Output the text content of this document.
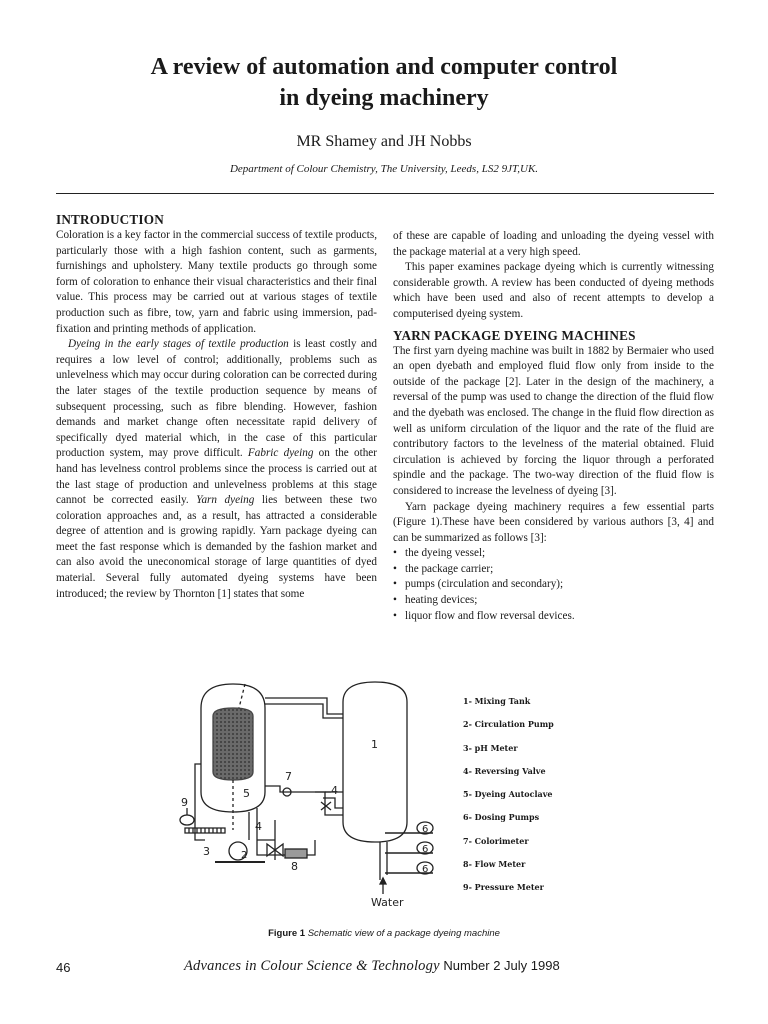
A review of automation and computer control
in dyeing machinery
MR Shamey and JH Nobbs
Department of Colour Chemistry, The University, Leeds, LS2 9JT,UK.
INTRODUCTION

Coloration is a key factor in the commercial success of textile products, particularly those with a high fashion content, such as garments, furnishings and upholstery. Many textile products go through some form of coloration to enhance their visual characteristics and their final value. This process may be carried out at various stages of textile production such as fibre, tow, yarn and fabric using immersion, pad-fixation and printing methods of application.

Dyeing in the early stages of textile production is least costly and requires a low level of control; additionally, problems such as unlevelness which may occur during coloration can be corrected during the later stages of the textile production sequence by means of subsequent processing, such as fibre blending. However, fashion demands and market change often necessitate rapid delivery of specifically dyed material which, in the case of this particular production system, may prove difficult. Fabric dyeing on the other hand has levelness control problems since the process is carried out at the last stage of production and unlevelness problems at this stage cannot be corrected easily. Yarn dyeing lies between these two coloration approaches and, as a result, has attracted a considerable degree of attention and is growing rapidly. Yarn package dyeing can meet the fast response which is demanded by the fashion market and can also avoid the uneconomical storage of large quantities of dyed material. Several fully automated dyeing systems have been introduced; the review by Thornton [1] states that some

of these are capable of loading and unloading the dyeing vessel with the package material at a very high speed.

This paper examines package dyeing which is currently witnessing considerable growth. A review has been conducted of dyeing methods which have been used and also of recent attempts to develop a computerised dyeing system.

YARN PACKAGE DYEING MACHINES

The first yarn dyeing machine was built in 1882 by Bermaier who used an open dyebath and employed fluid flow only from inside to the outside of the package [2]. Later in the design of the machinery, a reversal of the pump was used to change the direction of the fluid flow and the dyebath was enclosed. The change in the fluid flow direction as well as uniform circulation of the liquor and the rate of the fluid are contributory factors to the levelness of the material obtained. Fluid circulation is achieved by forcing the liquor through a perforated spindle and the package. The two-way direction of the fluid flow is considered to increase the levelness of dyeing [3].

Yarn package dyeing machinery requires a few essential parts (Figure 1).These have been considered by various authors [3, 4] and can be summarized as follows [3]:

• the dyeing vessel;
• the package carrier;
• pumps (circulation and secondary);
• heating devices;
• liquor flow and flow reversal devices.
1
2
3
4
4
5
6
6
6
7
8
9
Water
1- Mixing Tank
2- Circulation Pump
3- pH Meter
4- Reversing Valve
5- Dyeing Autoclave
6- Dosing Pumps
7- Colorimeter
8- Flow Meter
9- Pressure Meter
Figure 1 Schematic view of a package dyeing machine
46	Advances in Colour Science & Technology Number 2 July 1998
